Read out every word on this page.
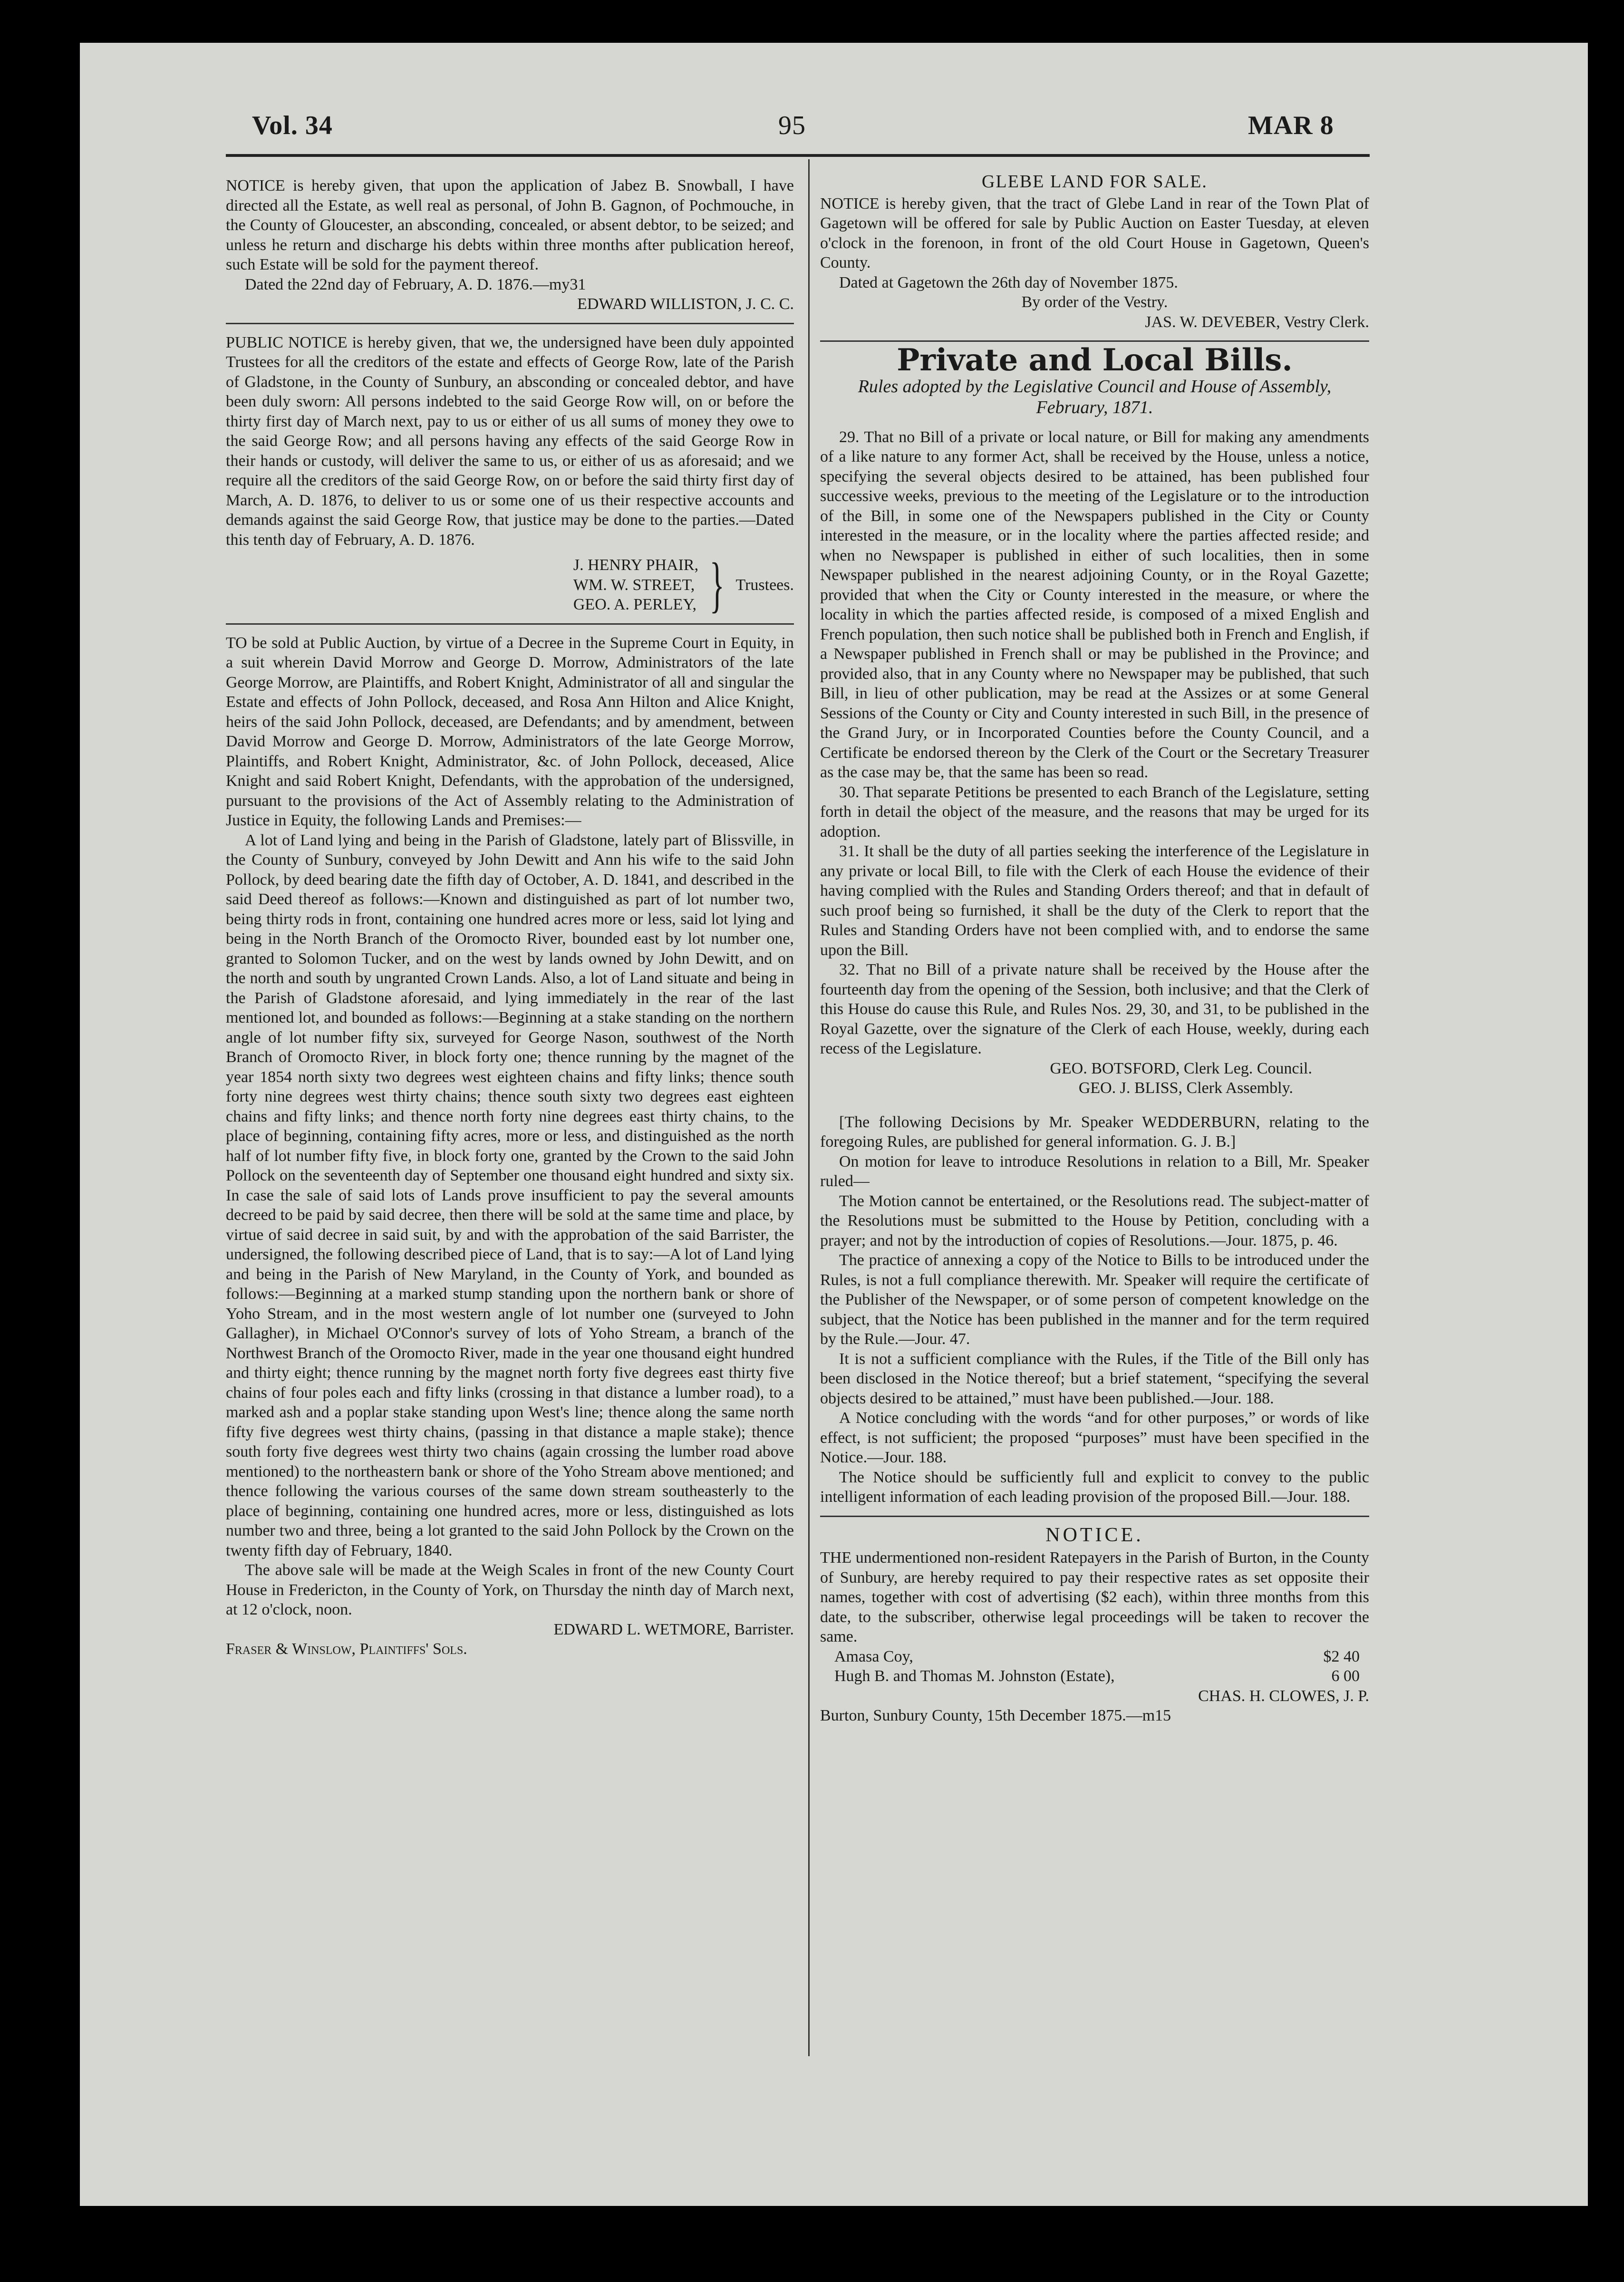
Vol. 34	95	MAR 8

NOTICE is hereby given, that upon the application of Jabez B. Snowball, I have directed all the Estate, as well real as personal, of John B. Gagnon, of Pochmouche, in the County of Gloucester, an absconding, concealed, or absent debtor, to be seized; and unless he return and discharge his debts within three months after publication hereof, such Estate will be sold for the payment thereof.

Dated the 22nd day of February, A. D. 1876.—my31

EDWARD WILLISTON, J. C. C.

PUBLIC NOTICE is hereby given, that we, the undersigned have been duly appointed Trustees for all the creditors of the estate and effects of George Row, late of the Parish of Gladstone, in the County of Sunbury, an absconding or concealed debtor, and have been duly sworn: All persons indebted to the said George Row will, on or before the thirty first day of March next, pay to us or either of us all sums of money they owe to the said George Row; and all persons having any effects of the said George Row in their hands or custody, will deliver the same to us, or either of us as aforesaid; and we require all the creditors of the said George Row, on or before the said thirty first day of March, A. D. 1876, to deliver to us or some one of us their respective accounts and demands against the said George Row, that justice may be done to the parties.—Dated this tenth day of February, A. D. 1876.

J. HENRY PHAIR,
WM. W. STREET,
GEO. A. PERLEY, } Trustees.

TO be sold at Public Auction, by virtue of a Decree in the Supreme Court in Equity, in a suit wherein David Morrow and George D. Morrow, Administrators of the late George Morrow, are Plaintiffs, and Robert Knight, Administrator of all and singular the Estate and effects of John Pollock, deceased, and Rosa Ann Hilton and Alice Knight, heirs of the said John Pollock, deceased, are Defendants; and by amendment, between David Morrow and George D. Morrow, Administrators of the late George Morrow, Plaintiffs, and Robert Knight, Administrator, &c. of John Pollock, deceased, Alice Knight and said Robert Knight, Defendants, with the approbation of the undersigned, pursuant to the provisions of the Act of Assembly relating to the Administration of Justice in Equity, the following Lands and Premises:—

A lot of Land lying and being in the Parish of Gladstone, lately part of Blissville, in the County of Sunbury, conveyed by John Dewitt and Ann his wife to the said John Pollock, by deed bearing date the fifth day of October, A. D. 1841, and described in the said Deed thereof as follows:—Known and distinguished as part of lot number two, being thirty rods in front, containing one hundred acres more or less, said lot lying and being in the North Branch of the Oromocto River, bounded east by lot number one, granted to Solomon Tucker, and on the west by lands owned by John Dewitt, and on the north and south by ungranted Crown Lands. Also, a lot of Land situate and being in the Parish of Gladstone aforesaid, and lying immediately in the rear of the last mentioned lot, and bounded as follows:—Beginning at a stake standing on the northern angle of lot number fifty six, surveyed for George Nason, southwest of the North Branch of Oromocto River, in block forty one; thence running by the magnet of the year 1854 north sixty two degrees west eighteen chains and fifty links; thence south forty nine degrees west thirty chains; thence south sixty two degrees east eighteen chains and fifty links; and thence north forty nine degrees east thirty chains, to the place of beginning, containing fifty acres, more or less, and distinguished as the north half of lot number fifty five, in block forty one, granted by the Crown to the said John Pollock on the seventeenth day of September one thousand eight hundred and sixty six. In case the sale of said lots of Lands prove insufficient to pay the several amounts decreed to be paid by said decree, then there will be sold at the same time and place, by virtue of said decree in said suit, by and with the approbation of the said Barrister, the undersigned, the following described piece of Land, that is to say:—A lot of Land lying and being in the Parish of New Maryland, in the County of York, and bounded as follows:—Beginning at a marked stump standing upon the northern bank or shore of Yoho Stream, and in the most western angle of lot number one (surveyed to John Gallagher), in Michael O'Connor's survey of lots of Yoho Stream, a branch of the Northwest Branch of the Oromocto River, made in the year one thousand eight hundred and thirty eight; thence running by the magnet north forty five degrees east thirty five chains of four poles each and fifty links (crossing in that distance a lumber road), to a marked ash and a poplar stake standing upon West's line; thence along the same north fifty five degrees west thirty chains, (passing in that distance a maple stake); thence south forty five degrees west thirty two chains (again crossing the lumber road above mentioned) to the northeastern bank or shore of the Yoho Stream above mentioned; and thence following the various courses of the same down stream southeasterly to the place of beginning, containing one hundred acres, more or less, distinguished as lots number two and three, being a lot granted to the said John Pollock by the Crown on the twenty fifth day of February, 1840.

The above sale will be made at the Weigh Scales in front of the new County Court House in Fredericton, in the County of York, on Thursday the ninth day of March next, at 12 o'clock, noon.

EDWARD L. WETMORE, Barrister.

Fraser & Winslow, Plaintiffs' Sols.

GLEBE LAND FOR SALE.

NOTICE is hereby given, that the tract of Glebe Land in rear of the Town Plat of Gagetown will be offered for sale by Public Auction on Easter Tuesday, at eleven o'clock in the forenoon, in front of the old Court House in Gagetown, Queen's County.

Dated at Gagetown the 26th day of November 1875.

By order of the Vestry.

JAS. W. DEVEBER, Vestry Clerk.

Private and Local Bills.
Rules adopted by the Legislative Council and House of Assembly, February, 1871.

29. That no Bill of a private or local nature, or Bill for making any amendments of a like nature to any former Act, shall be received by the House, unless a notice, specifying the several objects desired to be attained, has been published four successive weeks, previous to the meeting of the Legislature or to the introduction of the Bill, in some one of the Newspapers published in the City or County interested in the measure, or in the locality where the parties affected reside; and when no Newspaper is published in either of such localities, then in some Newspaper published in the nearest adjoining County, or in the Royal Gazette; provided that when the City or County interested in the measure, or where the locality in which the parties affected reside, is composed of a mixed English and French population, then such notice shall be published both in French and English, if a Newspaper published in French shall or may be published in the Province; and provided also, that in any County where no Newspaper may be published, that such Bill, in lieu of other publication, may be read at the Assizes or at some General Sessions of the County or City and County interested in such Bill, in the presence of the Grand Jury, or in Incorporated Counties before the County Council, and a Certificate be endorsed thereon by the Clerk of the Court or the Secretary Treasurer as the case may be, that the same has been so read.

30. That separate Petitions be presented to each Branch of the Legislature, setting forth in detail the object of the measure, and the reasons that may be urged for its adoption.

31. It shall be the duty of all parties seeking the interference of the Legislature in any private or local Bill, to file with the Clerk of each House the evidence of their having complied with the Rules and Standing Orders thereof; and that in default of such proof being so furnished, it shall be the duty of the Clerk to report that the Rules and Standing Orders have not been complied with, and to endorse the same upon the Bill.

32. That no Bill of a private nature shall be received by the House after the fourteenth day from the opening of the Session, both inclusive; and that the Clerk of this House do cause this Rule, and Rules Nos. 29, 30, and 31, to be published in the Royal Gazette, over the signature of the Clerk of each House, weekly, during each recess of the Legislature.

GEO. BOTSFORD, Clerk Leg. Council.

GEO. J. BLISS, Clerk Assembly.

[The following Decisions by Mr. Speaker WEDDERBURN, relating to the foregoing Rules, are published for general information. G. J. B.]

On motion for leave to introduce Resolutions in relation to a Bill, Mr. Speaker ruled—

The Motion cannot be entertained, or the Resolutions read. The subject-matter of the Resolutions must be submitted to the House by Petition, concluding with a prayer; and not by the introduction of copies of Resolutions.—Jour. 1875, p. 46.

The practice of annexing a copy of the Notice to Bills to be introduced under the Rules, is not a full compliance therewith. Mr. Speaker will require the certificate of the Publisher of the Newspaper, or of some person of competent knowledge on the subject, that the Notice has been published in the manner and for the term required by the Rule.—Jour. 47.

It is not a sufficient compliance with the Rules, if the Title of the Bill only has been disclosed in the Notice thereof; but a brief statement, “specifying the several objects desired to be attained,” must have been published.—Jour. 188.

A Notice concluding with the words “and for other purposes,” or words of like effect, is not sufficient; the proposed “purposes” must have been specified in the Notice.—Jour. 188.

The Notice should be sufficiently full and explicit to convey to the public intelligent information of each leading provision of the proposed Bill.—Jour. 188.

NOTICE.

THE undermentioned non-resident Ratepayers in the Parish of Burton, in the County of Sunbury, are hereby required to pay their respective rates as set opposite their names, together with cost of advertising ($2 each), within three months from this date, to the subscriber, otherwise legal proceedings will be taken to recover the same.

Amasa Coy,	$2 40
Hugh B. and Thomas M. Johnston (Estate),	6 00

CHAS. H. CLOWES, J. P.

Burton, Sunbury County, 15th December 1875.—m15
